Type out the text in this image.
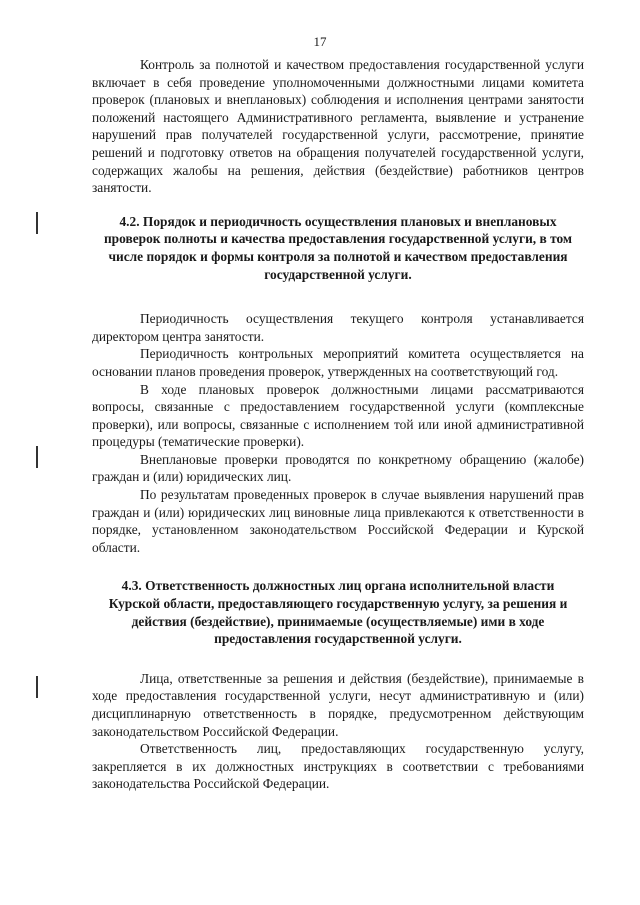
17

Контроль за полнотой и качеством предоставления государственной услуги включает в себя проведение уполномоченными должностными лицами комитета проверок (плановых и внеплановых) соблюдения и исполнения центрами занятости положений настоящего Административного регламента, выявление и устранение нарушений прав получателей государственной услуги, рассмотрение, принятие решений и подготовку ответов на обращения получателей государственной услуги, содержащих жалобы на решения, действия (бездействие) работников центров занятости.

4.2. Порядок и периодичность осуществления плановых и внеплановых проверок полноты и качества предоставления государственной услуги, в том числе порядок и формы контроля за полнотой и качеством предоставления государственной услуги.

Периодичность осуществления текущего контроля устанавливается директором центра занятости.

Периодичность контрольных мероприятий комитета осуществляется на основании планов проведения проверок, утвержденных на соответствующий год.

В ходе плановых проверок должностными лицами рассматриваются вопросы, связанные с предоставлением государственной услуги (комплексные проверки), или вопросы, связанные с исполнением той или иной административной процедуры (тематические проверки).

Внеплановые проверки проводятся по конкретному обращению (жалобе) граждан и (или) юридических лиц.

По результатам проведенных проверок в случае выявления нарушений прав граждан и (или) юридических лиц виновные лица привлекаются к ответственности в порядке, установленном законодательством Российской Федерации и Курской области.

4.3. Ответственность должностных лиц органа исполнительной власти Курской области, предоставляющего государственную услугу, за решения и действия (бездействие), принимаемые (осуществляемые) ими в ходе предоставления государственной услуги.

Лица, ответственные за решения и действия (бездействие), принимаемые в ходе предоставления государственной услуги, несут административную и (или) дисциплинарную ответственность в порядке, предусмотренном действующим законодательством Российской Федерации.

Ответственность лиц, предоставляющих государственную услугу, закрепляется в их должностных инструкциях в соответствии с требованиями законодательства Российской Федерации.
